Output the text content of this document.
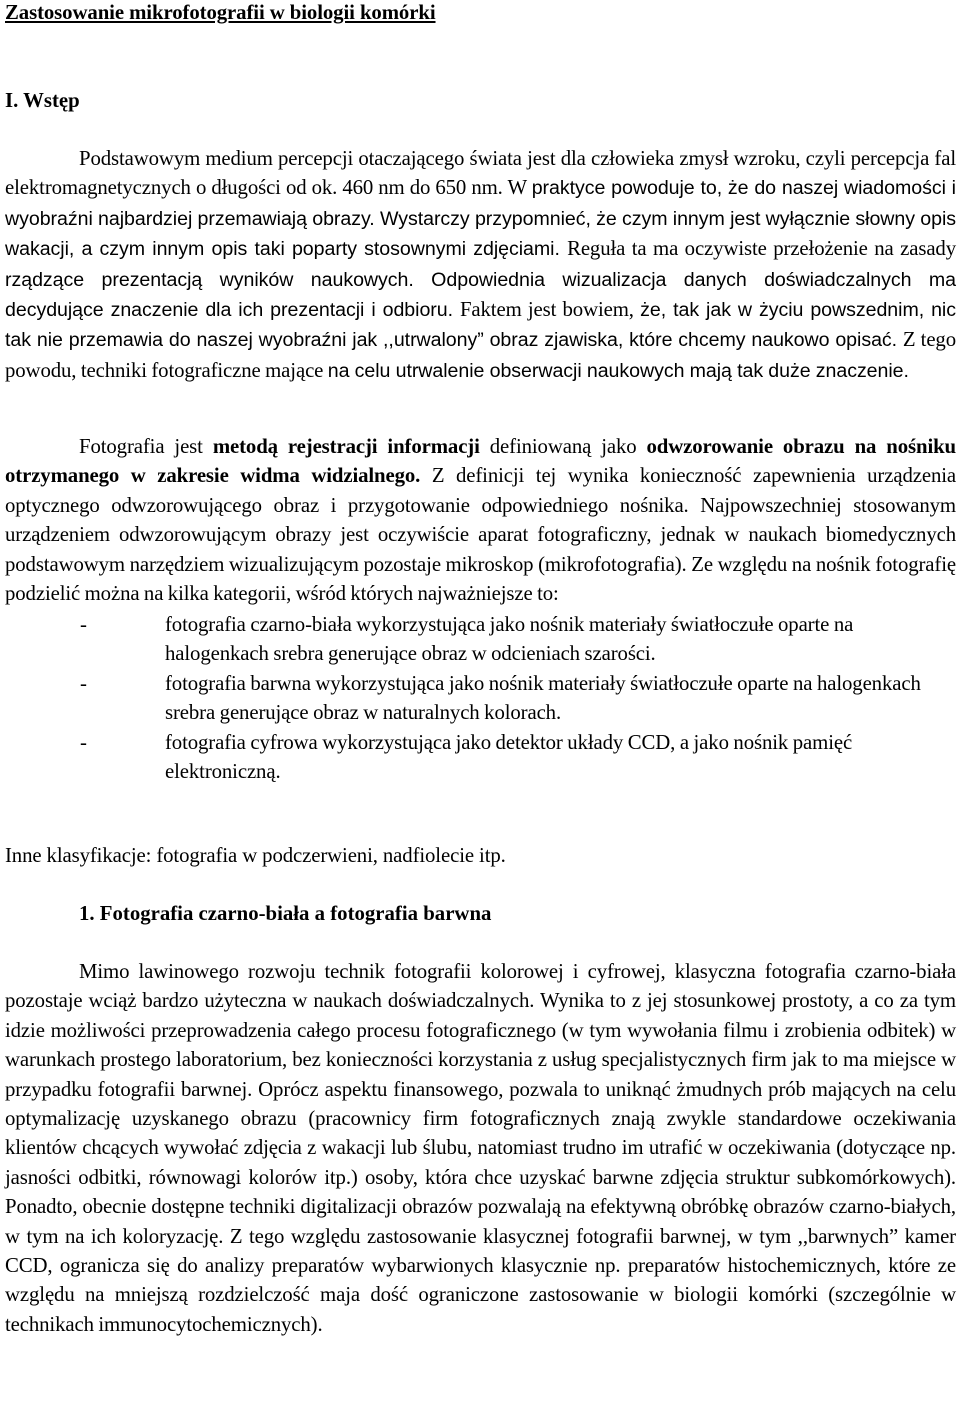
Zastosowanie mikrofotografii w biologii komórki
I. Wstęp

Podstawowym medium percepcji otaczającego świata jest dla człowieka zmysł wzroku, czyli percepcja fal elektromagnetycznych o długości od ok. 460 nm do 650 nm. W praktyce powoduje to, że do naszej wiadomości i wyobraźni najbardziej przemawiają obrazy. Wystarczy przypomnieć, że czym innym jest wyłącznie słowny opis wakacji, a czym innym opis taki poparty stosownymi zdjęciami. Reguła ta ma oczywiste przełożenie na zasady rządzące prezentacją wyników naukowych. Odpowiednia wizualizacja danych doświadczalnych ma decydujące znaczenie dla ich prezentacji i odbioru. Faktem jest bowiem, że, tak jak w życiu powszednim, nic tak nie przemawia do naszej wyobraźni jak ,,utrwalony” obraz zjawiska, które chcemy naukowo opisać. Z tego powodu, techniki fotograficzne mające na celu utrwalenie obserwacji naukowych mają tak duże znaczenie.

Fotografia jest metodą rejestracji informacji definiowaną jako odwzorowanie obrazu na nośniku otrzymanego w zakresie widma widzialnego. Z definicji tej wynika konieczność zapewnienia urządzenia optycznego odwzorowującego obraz i przygotowanie odpowiedniego nośnika. Najpowszechniej stosowanym urządzeniem odwzorowującym obrazy jest oczywiście aparat fotograficzny, jednak w naukach biomedycznych podstawowym narzędziem wizualizującym pozostaje mikroskop (mikrofotografia). Ze względu na nośnik fotografię podzielić można na kilka kategorii, wśród których najważniejsze to:

-	fotografia czarno-biała wykorzystująca jako nośnik materiały światłoczułe oparte na halogenkach srebra generujące obraz w odcieniach szarości.
-	fotografia barwna wykorzystująca jako nośnik materiały światłoczułe oparte na halogenkach srebra generujące obraz w naturalnych kolorach.
-	fotografia cyfrowa wykorzystująca jako detektor układy CCD, a jako nośnik pamięć elektroniczną.
Inne klasyfikacje: fotografia w podczerwieni, nadfiolecie itp.
1. Fotografia czarno-biała a fotografia barwna

Mimo lawinowego rozwoju technik fotografii kolorowej i cyfrowej, klasyczna fotografia czarno-biała pozostaje wciąż bardzo użyteczna w naukach doświadczalnych. Wynika to z jej stosunkowej prostoty, a co za tym idzie możliwości przeprowadzenia całego procesu fotograficznego (w tym wywołania filmu i zrobienia odbitek) w warunkach prostego laboratorium, bez konieczności korzystania z usług specjalistycznych firm jak to ma miejsce w przypadku fotografii barwnej. Oprócz aspektu finansowego, pozwala to uniknąć żmudnych prób mających na celu optymalizację uzyskanego obrazu (pracownicy firm fotograficznych znają zwykle standardowe oczekiwania klientów chcących wywołać zdjęcia z wakacji lub ślubu, natomiast trudno im utrafić w oczekiwania (dotyczące np. jasności odbitki, równowagi kolorów itp.) osoby, która chce uzyskać barwne zdjęcia struktur subkomórkowych). Ponadto, obecnie dostępne techniki digitalizacji obrazów pozwalają na efektywną obróbkę obrazów czarno-białych, w tym na ich koloryzację. Z tego względu zastosowanie klasycznej fotografii barwnej, w tym ,,barwnych” kamer CCD, ogranicza się do analizy preparatów wybarwionych klasycznie np. preparatów histochemicznych, które ze względu na mniejszą rozdzielczość maja dość ograniczone zastosowanie w biologii komórki (szczególnie w technikach immunocytochemicznych).
